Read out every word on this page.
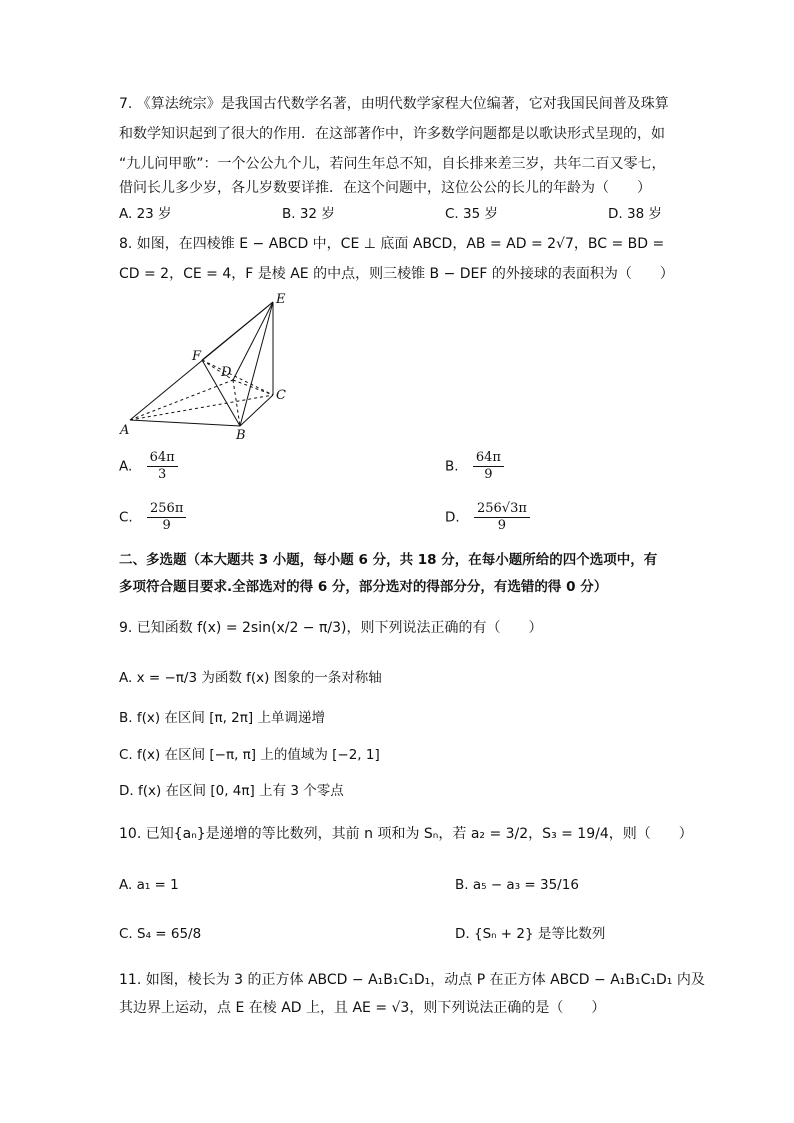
7. 《算法统宗》是我国古代数学名著，由明代数学家程大位编著，它对我国民间普及珠算
和数学知识起到了很大的作用．在这部著作中，许多数学问题都是以歌诀形式呈现的，如
“九儿问甲歌”：一个公公九个儿，若问生年总不知，自长排来差三岁，共年二百又零七，
借问长儿多少岁，各儿岁数要详推．在这个问题中，这位公公的长儿的年龄为（　　）
A. 23 岁	B. 32 岁	C. 35 岁	D. 38 岁
8. 如图，在四棱锥 E − ABCD 中，CE ⊥ 底面 ABCD，AB = AD = 2√7，BC = BD =
CD = 2，CE = 4，F 是棱 AE 的中点，则三棱锥 B − DEF 的外接球的表面积为（　　）
E
F
D
C
A	B
A. $\frac{64\pi}{3}$	B. $\frac{64\pi}{9}$
C. $\frac{256\pi}{9}$	D. $\frac{256√3\pi}{9}$
二、多选题（本大题共 3 小题，每小题 6 分，共 18 分，在每小题所给的四个选项中，有
多项符合题目要求.全部选对的得 6 分，部分选对的得部分分，有选错的得 0 分）
9. 已知函数 f(x) = 2sin(x/2 − π/3)，则下列说法正确的有（　　）
A. x = −π/3 为函数 f(x) 图象的一条对称轴
B. f(x) 在区间 [π, 2π] 上单调递增
C. f(x) 在区间 [−π, π] 上的值域为 [−2, 1]
D. f(x) 在区间 [0, 4π] 上有 3 个零点
10. 已知{aₙ}是递增的等比数列，其前 n 项和为 Sₙ，若 a₂ = 3/2，S₃ = 19/4，则（　　）
A. a₁ = 1	B. a₅ − a₃ = 35/16
C. S₄ = 65/8	D. {Sₙ + 2} 是等比数列
11. 如图，棱长为 3 的正方体 ABCD − A₁B₁C₁D₁，动点 P 在正方体 ABCD − A₁B₁C₁D₁ 内及
其边界上运动，点 E 在棱 AD 上，且 AE = √3，则下列说法正确的是（　　）
